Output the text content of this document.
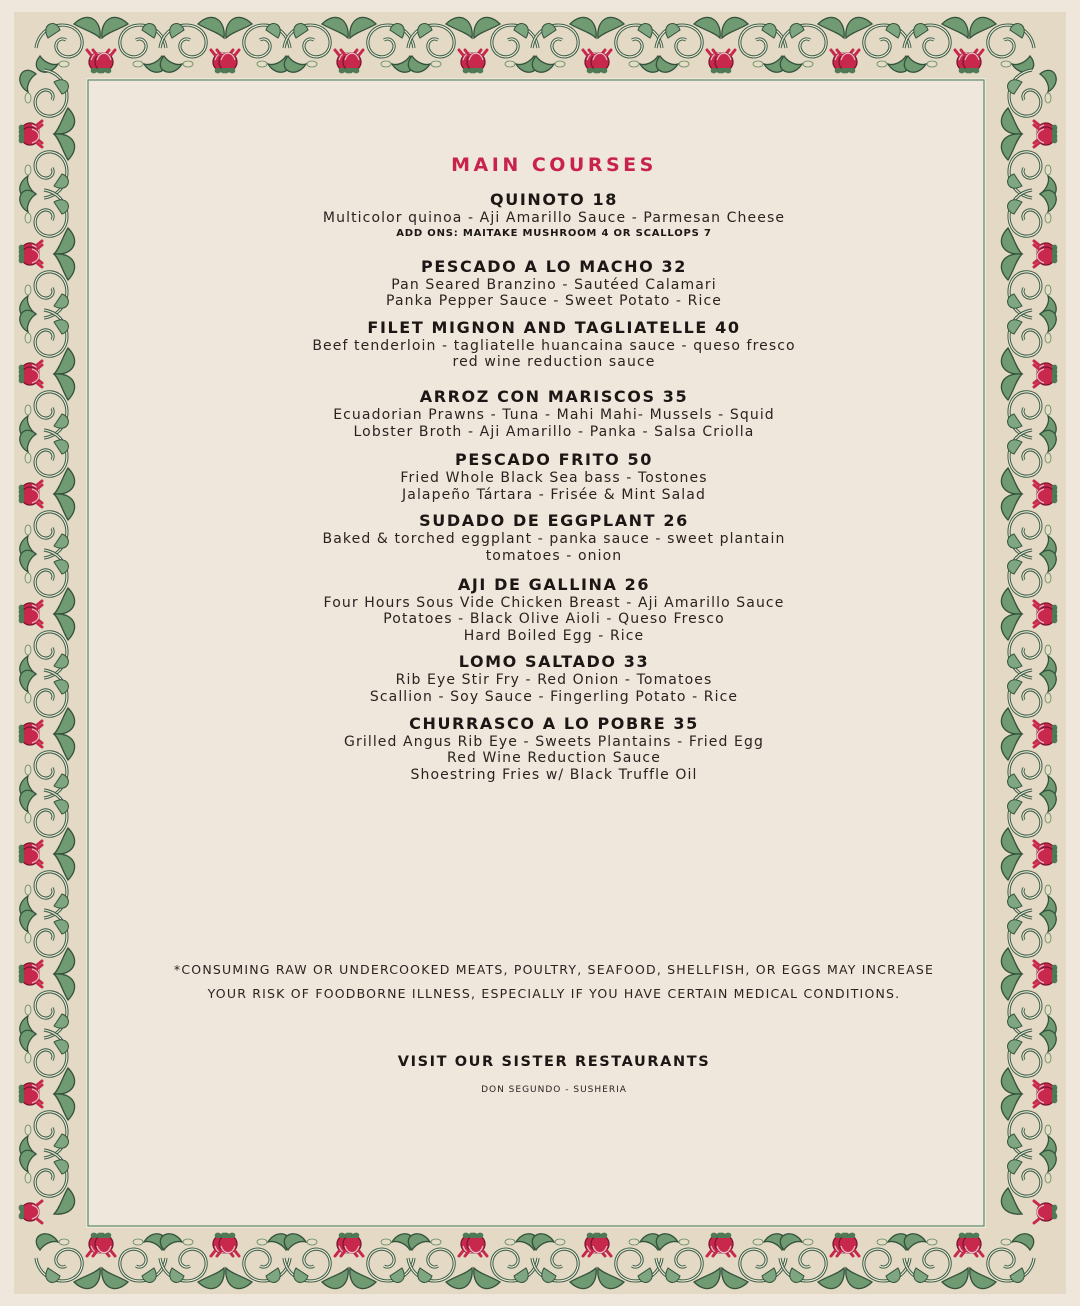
MAIN COURSES
QUINOTO 18
Multicolor quinoa - Aji Amarillo Sauce - Parmesan Cheese
ADD ONS: MAITAKE MUSHROOM 4 OR SCALLOPS 7
PESCADO A LO MACHO 32
Pan Seared Branzino - Sautéed Calamari
Panka Pepper Sauce - Sweet Potato - Rice
FILET MIGNON AND TAGLIATELLE 40
Beef tenderloin - tagliatelle huancaina sauce - queso fresco
red wine reduction sauce
ARROZ CON MARISCOS 35
Ecuadorian Prawns - Tuna - Mahi Mahi- Mussels - Squid
Lobster Broth - Aji Amarillo - Panka - Salsa Criolla
PESCADO FRITO 50
Fried Whole Black Sea bass - Tostones
Jalapeño Tártara - Frisée & Mint Salad
SUDADO DE EGGPLANT 26
Baked & torched eggplant - panka sauce - sweet plantain
tomatoes - onion
AJI DE GALLINA 26
Four Hours Sous Vide Chicken Breast - Aji Amarillo Sauce
Potatoes - Black Olive Aioli - Queso Fresco
Hard Boiled Egg - Rice
LOMO SALTADO 33
Rib Eye Stir Fry - Red Onion - Tomatoes
Scallion - Soy Sauce - Fingerling Potato - Rice
CHURRASCO A LO POBRE 35
Grilled Angus Rib Eye - Sweets Plantains - Fried Egg
Red Wine Reduction Sauce
Shoestring Fries w/ Black Truffle Oil
*CONSUMING RAW OR UNDERCOOKED MEATS, POULTRY, SEAFOOD, SHELLFISH, OR EGGS MAY INCREASE
YOUR RISK OF FOODBORNE ILLNESS, ESPECIALLY IF YOU HAVE CERTAIN MEDICAL CONDITIONS.
VISIT OUR SISTER RESTAURANTS
DON SEGUNDO - SUSHERIA
